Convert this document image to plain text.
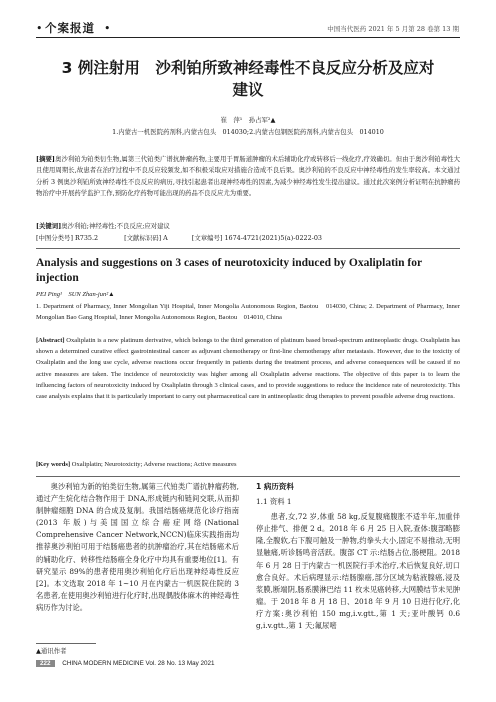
• 个案报道 •	中国当代医药 2021 年 5 月第 28 卷第 13 期
3 例注射用　沙利铂所致神经毒性不良反应分析及应对建议
崔　萍¹　孙占军²▲
1.内蒙古一机医院药剂科,内蒙古包头　014030;2.内蒙古包钢医院药剂科,内蒙古包头　014010
[摘要]奥沙利铂为铂类衍生物,属第三代铂类广谱抗肿瘤药物,主要用于胃肠道肿瘤的术后辅助化疗或转移后一线化疗,疗效确切。但由于奥沙利铂毒性大且使用周期长,故患者在治疗过程中不良反应较频发,如不积极采取应对措施合造成不良后果。奥沙利铂的不良反应中神经毒性的发生率较高。本文通过分析 3 例奥沙利铂所致神经毒性不良反应的病历,寻找引起患者出现神经毒性的因素,为减少神经毒性发生提出建议。通过此次案例分析证明在抗肿瘤药物治疗中开展药学监护工作,预防化疗药物可能出现的药品不良反应尤为重要。
[关键词]奥沙利铂;神经毒性;不良反应;应对建议
[中图分类号] R735.2	[文献标识码] A	[文章编号] 1674-4721(2021)5(a)-0222-03
Analysis and suggestions on 3 cases of neurotoxicity induced by Oxaliplatin for injection
PEI Ping¹　SUN Zhan-jun²▲
1. Department of Pharmacy, Inner Mongolian Yiji Hospital, Inner Mongolia Autonomous Region, Baotou　014030, China; 2. Department of Pharmacy, Inner Mongolian Bao Gang Hospital, Inner Mongolia Autonomous Region, Baotou　014010, China
[Abstract] Oxaliplatin is a new platinum derivative, which belongs to the third generation of platinum based broad-spectrum antineoplastic drugs. Oxaliplatin has shown a determined curative effect gastrointestinal cancer as adjuvant chemotherapy or first-line chemotherapy after metastasis. However, due to the toxicity of Oxaliplatin and the long use cycle, adverse reactions occur frequently in patients during the treatment process, and adverse consequences will be caused if no active measures are taken. The incidence of neurotoxicity was higher among all Oxaliplatin adverse reactions. The objective of this paper is to learn the influencing factors of neurotoxicity induced by Oxaliplatin through 3 clinical cases, and to provide suggestions to reduce the incidence rate of neurotoxicity. This case analysis explains that it is particularly important to carry out pharmaceutical care in antineoplastic drug therapies to prevent possible adverse drug reactions.
[Key words] Oxaliplatin; Neurotoxicity; Adverse reactions; Active measures
奥沙利铂为新的铂类衍生物,属第三代铂类广谱抗肿瘤药物,通过产生烷化结合物作用于 DNA,形成链内和链间交联,从而抑制肿瘤细胞 DNA 的合成及复制。我国结肠癌规范化诊疗指南(2013 年版)与美国国立综合癌症网络(National Comprehensive Cancer Network,NCCN)临床实践指南均推荐奥沙利铂可用于结肠癌患者的抗肿瘤治疗,其在结肠癌术后的辅助化疗、转移性结肠癌全身化疗中均具有重要地位[1]。有研究显示 89%的患者使用奥沙利铂化疗后出现神经毒性反应[2]。本文选取 2018 年 1~10 月在内蒙古一机医院住院的 3 名患者,在使用奥沙利铂进行化疗时,出现偶肢体麻木的神经毒性病历作为讨论。
1 病历资料
1.1 资料 1
患者,女,72 岁,体重 58 kg,反复腹痛腹胀不适半年,加重伴停止排气、排便 2 d。2018 年 6 月 25 日入院,查体:腹部略膨隆,全腹软,右下腹可触及一肿物,约拳头大小,固定不易推动,无明显触痛,听诊肠鸣音活跃。腹部 CT 示:结肠占位,肠梗阻。2018 年 6 月 28 日于内蒙古一机医院行手术治疗,术后恢复良好,切口愈合良好。术后病理显示:结肠腺癌,部分区域为粘液腺癌,浸及浆膜,断端阴,肠系膜淋巴结 11 枚未见癌转移,大网膜结节未见肿瘤。于 2018 年 8 月 18 日、2018 年 9 月 10 日进行化疗,化疗方案:奥沙利铂 150 mg,i.v.gtt.,第 1 天;亚叶酸钙 0.6 g,i.v.gtt.,第 1 天;氟尿嘧
▲通讯作者
222 CHINA MODERN MEDICINE Vol. 28 No. 13 May 2021
